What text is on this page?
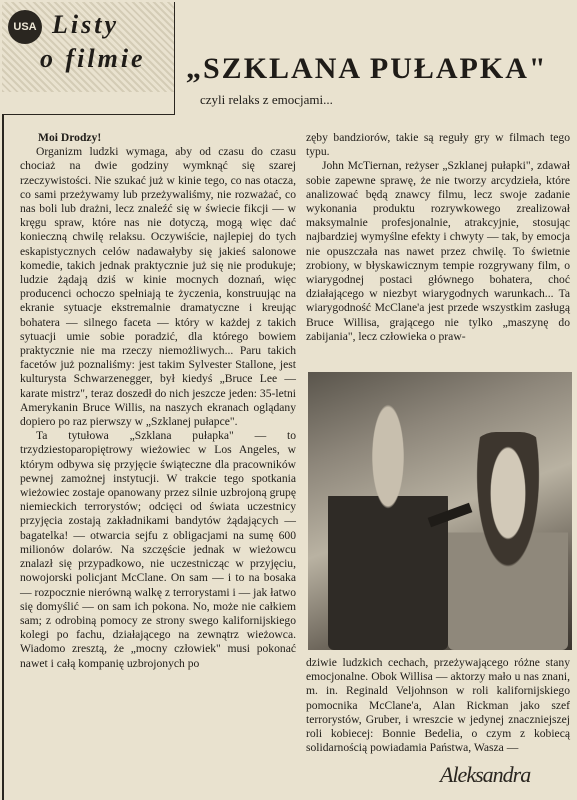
USA Listy
o filmie	„SZKLANA PUŁAPKA"
czyli relaks z emocjami...

Moi Drodzy!

Organizm ludzki wymaga, aby od czasu do czasu chociaż na dwie godziny wymknąć się szarej rzeczywistości. Nie szukać już w kinie tego, co nas otacza, co sami przeżywamy lub przeżywaliśmy, nie rozważać, co nas boli lub drażni, lecz znaleźć się w świecie fikcji — w kręgu spraw, które nas nie dotyczą, mogą więc dać konieczną chwilę relaksu. Oczywiście, najlepiej do tych eskapistycznych celów nadawałyby się jakieś salonowe komedie, takich jednak praktycznie już się nie produkuje; ludzie żądają dziś w kinie mocnych doznań, więc producenci ochoczo spełniają te życzenia, konstruując na ekranie sytuacje ekstremalnie dramatyczne i kreując bohatera — silnego faceta — który w każdej z takich sytuacji umie sobie poradzić, dla którego bowiem praktycznie nie ma rzeczy niemożliwych... Paru takich facetów już poznaliśmy: jest takim Sylvester Stallone, jest kulturysta Schwarzenegger, był kiedyś „Bruce Lee — karate mistrz", teraz doszedł do nich jeszcze jeden: 35-letni Amerykanin Bruce Willis, na naszych ekranach oglądany dopiero po raz pierwszy w „Szklanej pułapce".

Ta tytułowa „Szklana pułapka" — to trzydziestoparopiętrowy wieżowiec w Los Angeles, w którym odbywa się przyjęcie świąteczne dla pracowników pewnej zamożnej instytucji. W trakcie tego spotkania wieżowiec zostaje opanowany przez silnie uzbrojoną grupę niemieckich terrorystów; odcięci od świata uczestnicy przyjęcia zostają zakładnikami bandytów żądających — bagatelka! — otwarcia sejfu z obligacjami na sumę 600 milionów dolarów. Na szczęście jednak w wieżowcu znalazł się przypadkowo, nie uczestnicząc w przyjęciu, nowojorski policjant McClane. On sam — i to na bosaka — rozpocznie nierówną walkę z terrorystami i — jak łatwo się domyślić — on sam ich pokona. No, może nie całkiem sam; z odrobiną pomocy ze strony swego kalifornijskiego kolegi po fachu, działającego na zewnątrz wieżowca. Wiadomo zresztą, że „mocny człowiek" musi pokonać nawet i całą kompanię uzbrojonych po

zęby bandziorów, takie są reguły gry w filmach tego typu.

John McTiernan, reżyser „Szklanej pułapki", zdawał sobie zapewne sprawę, że nie tworzy arcydzieła, które analizować będą znawcy filmu, lecz swoje zadanie wykonania produktu rozrywkowego zrealizował maksymalnie profesjonalnie, atrakcyjnie, stosując najbardziej wymyślne efekty i chwyty — tak, by emocja nie opuszczała nas nawet przez chwilę. To świetnie zrobiony, w błyskawicznym tempie rozgrywany film, o wiarygodnej postaci głównego bohatera, choć działającego w niezbyt wiarygodnych warunkach... Ta wiarygodność McClane'a jest przede wszystkim zasługą Bruce Willisa, grającego nie tylko „maszynę do zabijania", lecz człowieka o praw-

dziwie ludzkich cechach, przeżywającego różne stany emocjonalne. Obok Willisa — aktorzy mało u nas znani, m. in. Reginald Veljohnson w roli kalifornijskiego pomocnika McClane'a, Alan Rickman jako szef terrorystów, Gruber, i wreszcie w jedynej znaczniejszej roli kobiecej: Bonnie Bedelia, o czym z kobiecą solidarnością powiadamia Państwa, Wasza —

Aleksandra
